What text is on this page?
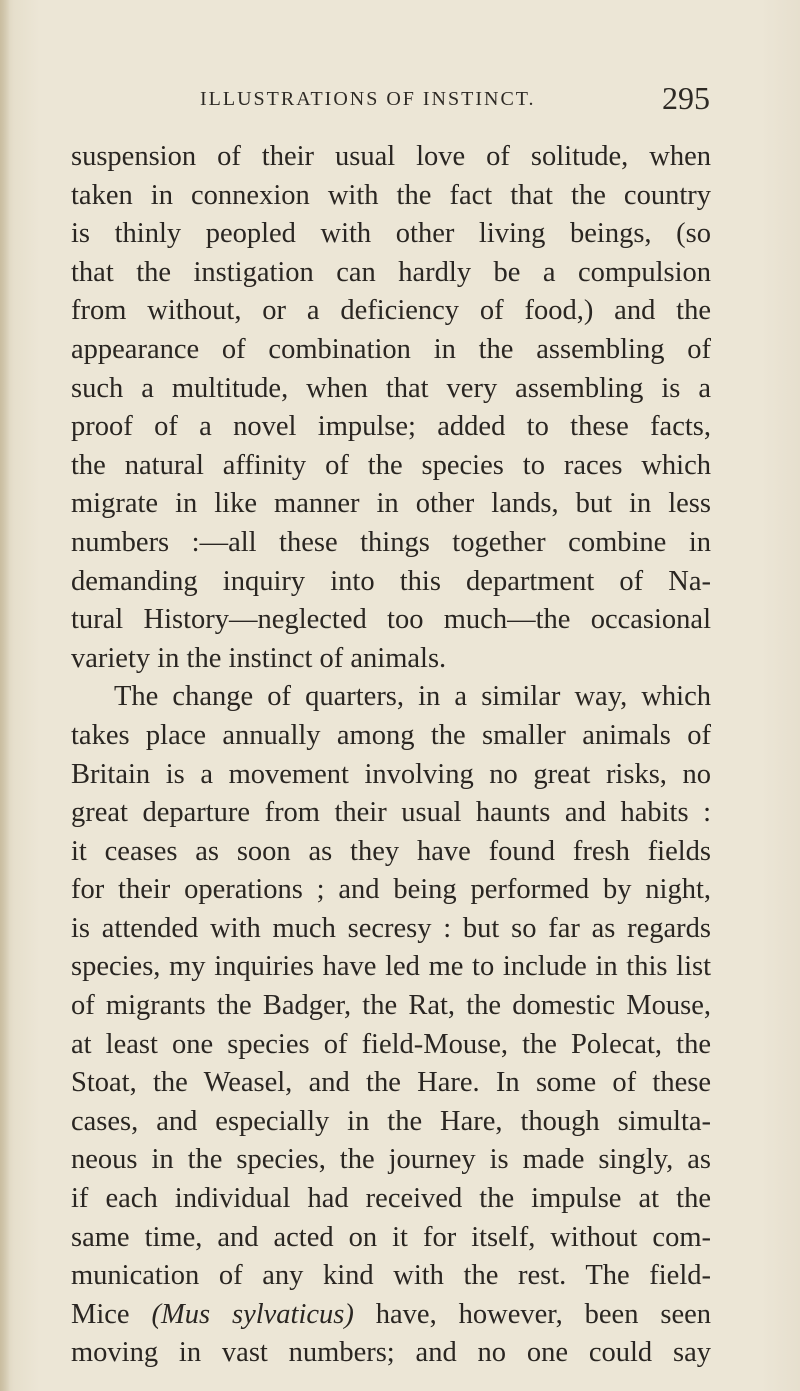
ILLUSTRATIONS OF INSTINCT.	295
suspension of their usual love of solitude, when
taken in connexion with the fact that the country
is thinly peopled with other living beings, (so
that the instigation can hardly be a compulsion
from without, or a deficiency of food,) and the
appearance of combination in the assembling of
such a multitude, when that very assembling is a
proof of a novel impulse; added to these facts,
the natural affinity of the species to races which
migrate in like manner in other lands, but in less
numbers :—all these things together combine in
demanding inquiry into this department of Na-
tural History—neglected too much—the occasional
variety in the instinct of animals.
The change of quarters, in a similar way, which
takes place annually among the smaller animals of
Britain is a movement involving no great risks, no
great departure from their usual haunts and habits :
it ceases as soon as they have found fresh fields
for their operations ; and being performed by night,
is attended with much secresy : but so far as regards
species, my inquiries have led me to include in this list
of migrants the Badger, the Rat, the domestic Mouse,
at least one species of field-Mouse, the Polecat, the
Stoat, the Weasel, and the Hare. In some of these
cases, and especially in the Hare, though simulta-
neous in the species, the journey is made singly, as
if each individual had received the impulse at the
same time, and acted on it for itself, without com-
munication of any kind with the rest. The field-
Mice (Mus sylvaticus) have, however, been seen
moving in vast numbers; and no one could say
